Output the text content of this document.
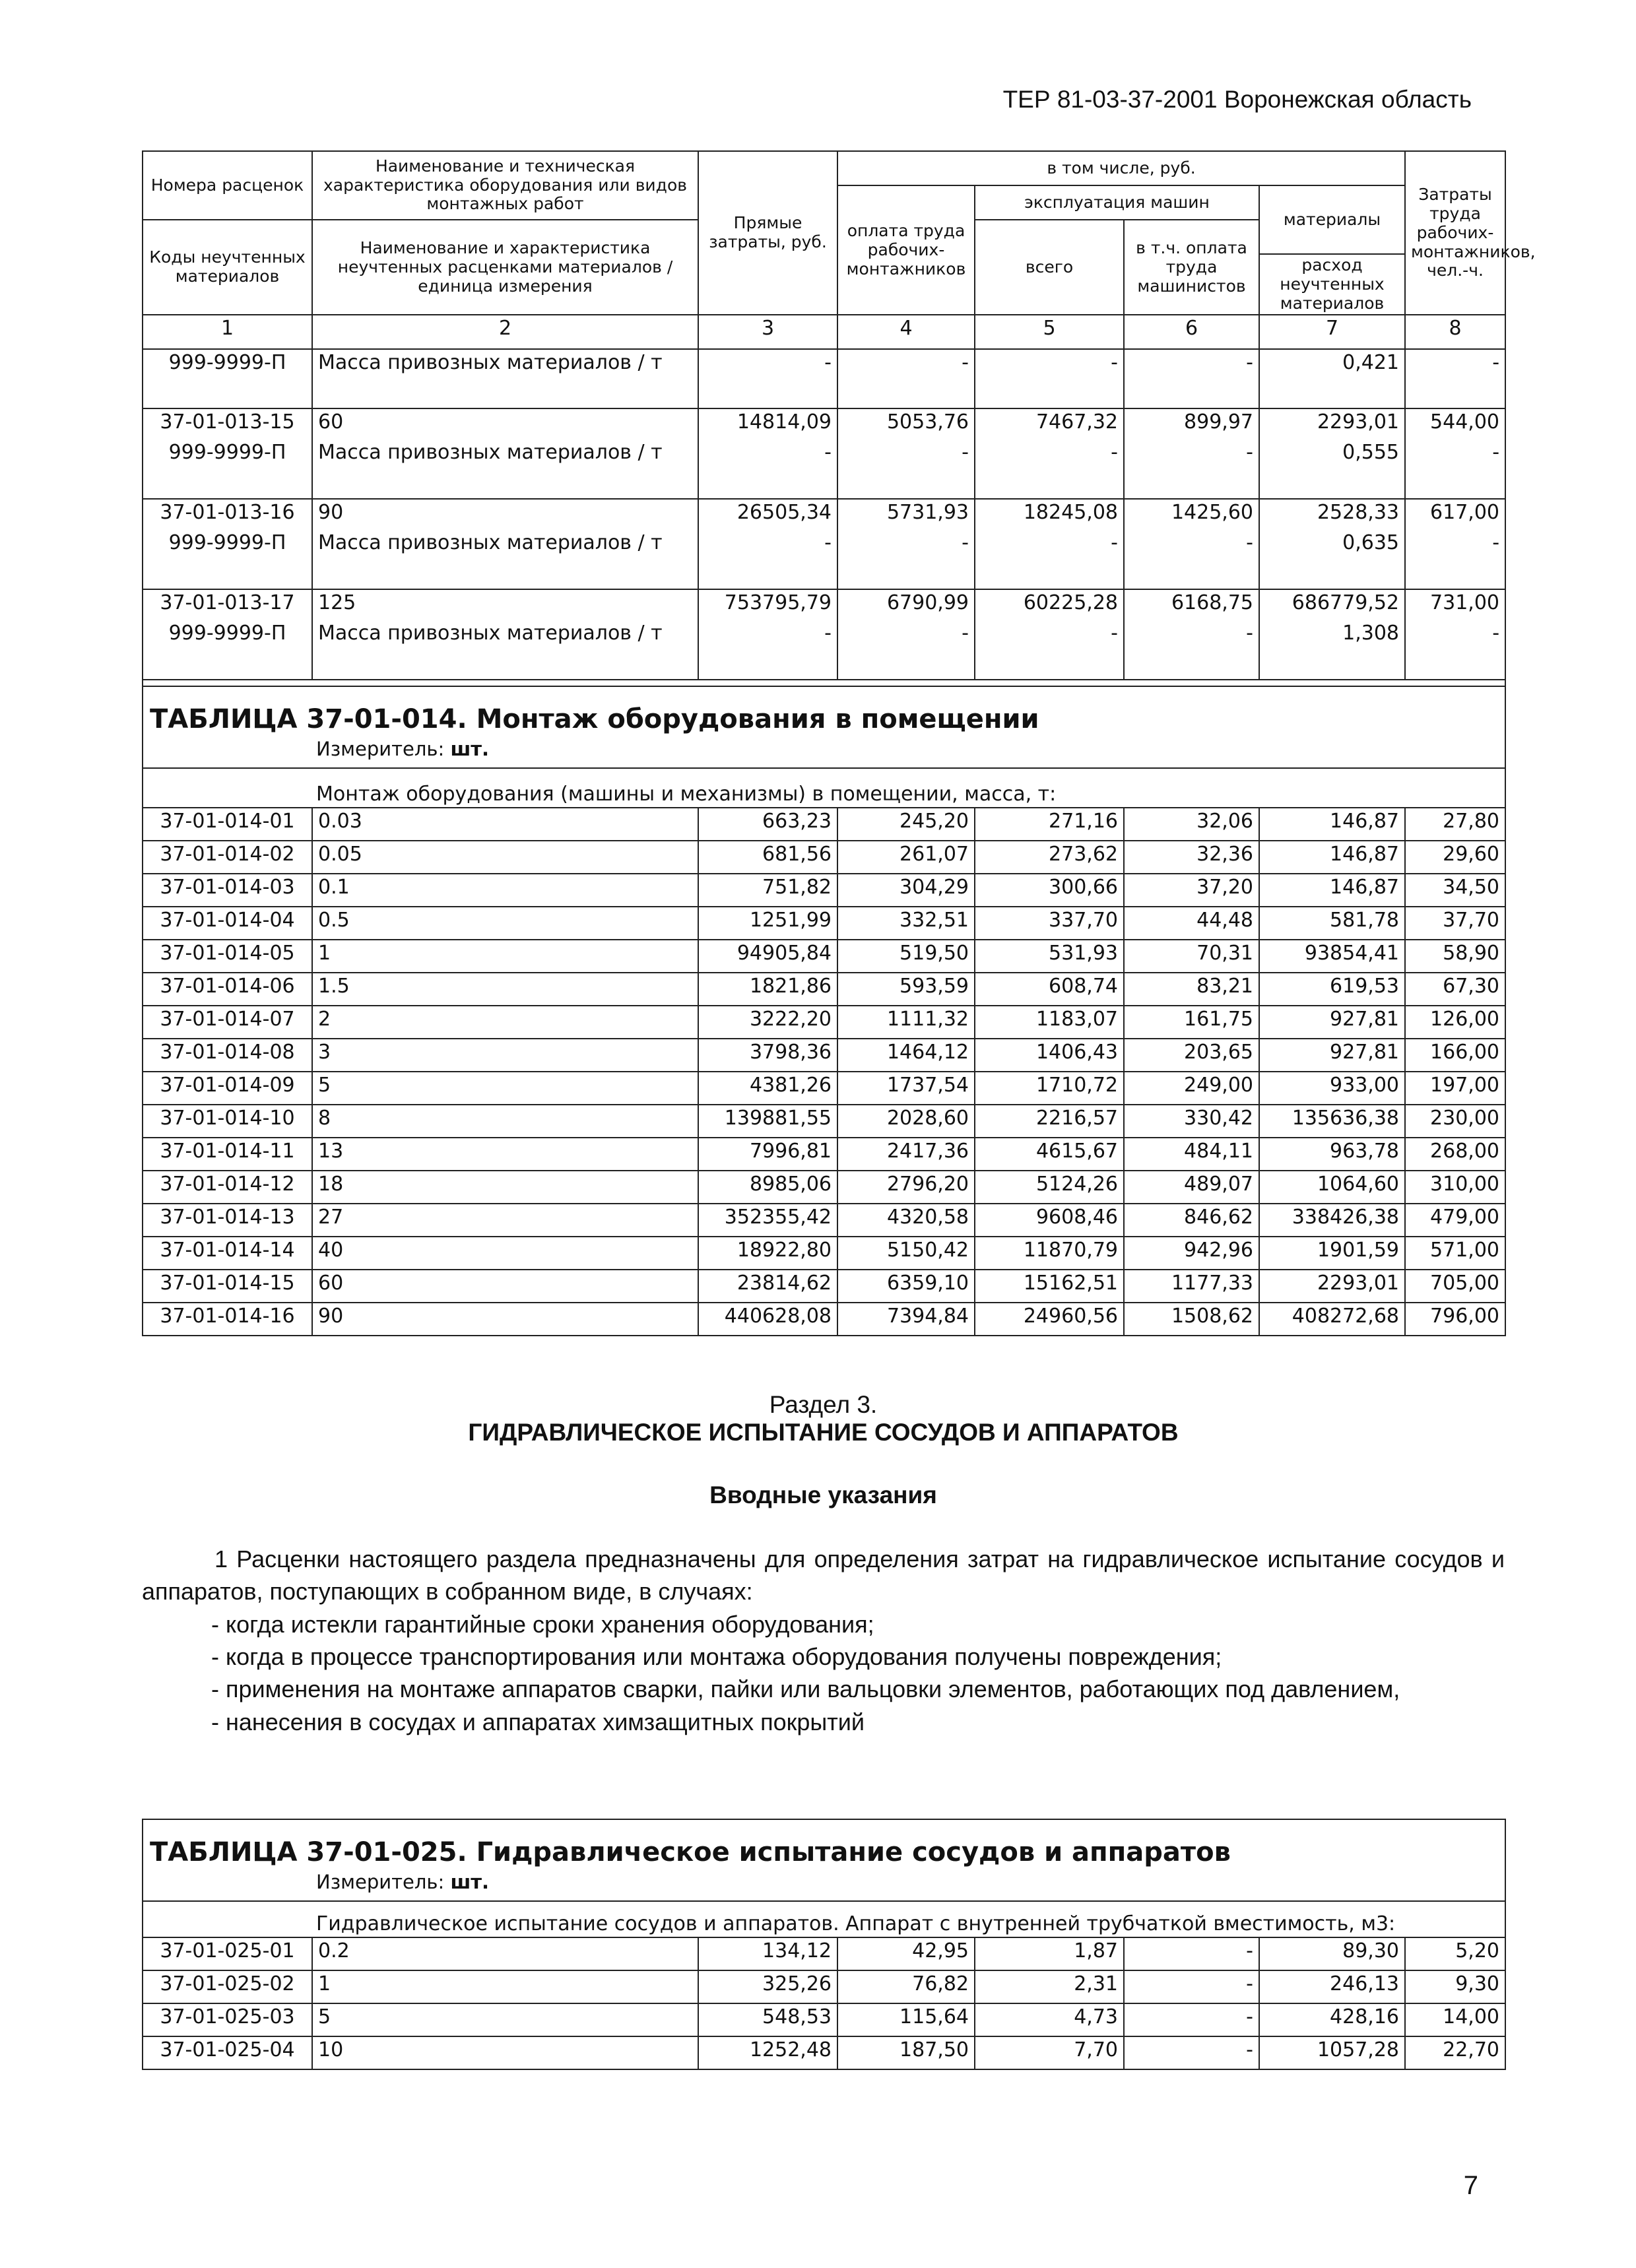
ТЕР 81-03-37-2001 Воронежская область
Номера расценок	Наименование и техническая характеристика оборудования или видов монтажных работ	Прямые затраты, руб.	в том числе, руб.				Затраты труда рабочих-монтажников, чел.-ч.
			оплата труда рабочих-монтажников	эксплуатация машин		материалы	
Коды неучтенных материалов	Наименование и характеристика неучтенных расценками материалов / единица измерения			всего	в т.ч. оплата труда машинистов		
						расход неучтенных материалов	
1	2	3	4	5	6	7	8
999-9999-П	Масса привозных материалов / т	-	-	-	-	0,421	-
37-01-013-15	60	14814,09	5053,76	7467,32	899,97	2293,01	544,00
999-9999-П	Масса привозных материалов / т	-	-	-	-	0,555	-
37-01-013-16	90	26505,34	5731,93	18245,08	1425,60	2528,33	617,00
999-9999-П	Масса привозных материалов / т	-	-	-	-	0,635	-
37-01-013-17	125	753795,79	6790,99	60225,28	6168,75	686779,52	731,00
999-9999-П	Масса привозных материалов / т	-	-	-	-	1,308	-

ТАБЛИЦА 37-01-014. Монтаж оборудования в помещении							
Измеритель: шт.							
Монтаж оборудования (машины и механизмы) в помещении, масса, т:							
37-01-014-01	0.03	663,23	245,20	271,16	32,06	146,87	27,80
37-01-014-02	0.05	681,56	261,07	273,62	32,36	146,87	29,60
37-01-014-03	0.1	751,82	304,29	300,66	37,20	146,87	34,50
37-01-014-04	0.5	1251,99	332,51	337,70	44,48	581,78	37,70
37-01-014-05	1	94905,84	519,50	531,93	70,31	93854,41	58,90
37-01-014-06	1.5	1821,86	593,59	608,74	83,21	619,53	67,30
37-01-014-07	2	3222,20	1111,32	1183,07	161,75	927,81	126,00
37-01-014-08	3	3798,36	1464,12	1406,43	203,65	927,81	166,00
37-01-014-09	5	4381,26	1737,54	1710,72	249,00	933,00	197,00
37-01-014-10	8	139881,55	2028,60	2216,57	330,42	135636,38	230,00
37-01-014-11	13	7996,81	2417,36	4615,67	484,11	963,78	268,00
37-01-014-12	18	8985,06	2796,20	5124,26	489,07	1064,60	310,00
37-01-014-13	27	352355,42	4320,58	9608,46	846,62	338426,38	479,00
37-01-014-14	40	18922,80	5150,42	11870,79	942,96	1901,59	571,00
37-01-014-15	60	23814,62	6359,10	15162,51	1177,33	2293,01	705,00
37-01-014-16	90	440628,08	7394,84	24960,56	1508,62	408272,68	796,00
Раздел 3.
ГИДРАВЛИЧЕСКОЕ ИСПЫТАНИЕ СОСУДОВ И АППАРАТОВ
Вводные указания

1 Расценки настоящего раздела предназначены для определения затрат на гидравлическое испытание сосудов и аппаратов, поступающих в собранном виде, в случаях:

- когда истекли гарантийные сроки хранения оборудования;

- когда в процессе транспортирования или монтажа оборудования получены повреждения;

- применения на монтаже аппаратов сварки, пайки или вальцовки элементов, работающих под давлением,

- нанесения в сосудах и аппаратах химзащитных покрытий

ТАБЛИЦА 37-01-025. Гидравлическое испытание сосудов и аппаратов							
Измеритель: шт.							
Гидравлическое испытание сосудов и аппаратов. Аппарат с внутренней трубчаткой вместимость, м3:							
37-01-025-01	0.2	134,12	42,95	1,87	-	89,30	5,20
37-01-025-02	1	325,26	76,82	2,31	-	246,13	9,30
37-01-025-03	5	548,53	115,64	4,73	-	428,16	14,00
37-01-025-04	10	1252,48	187,50	7,70	-	1057,28	22,70
7
